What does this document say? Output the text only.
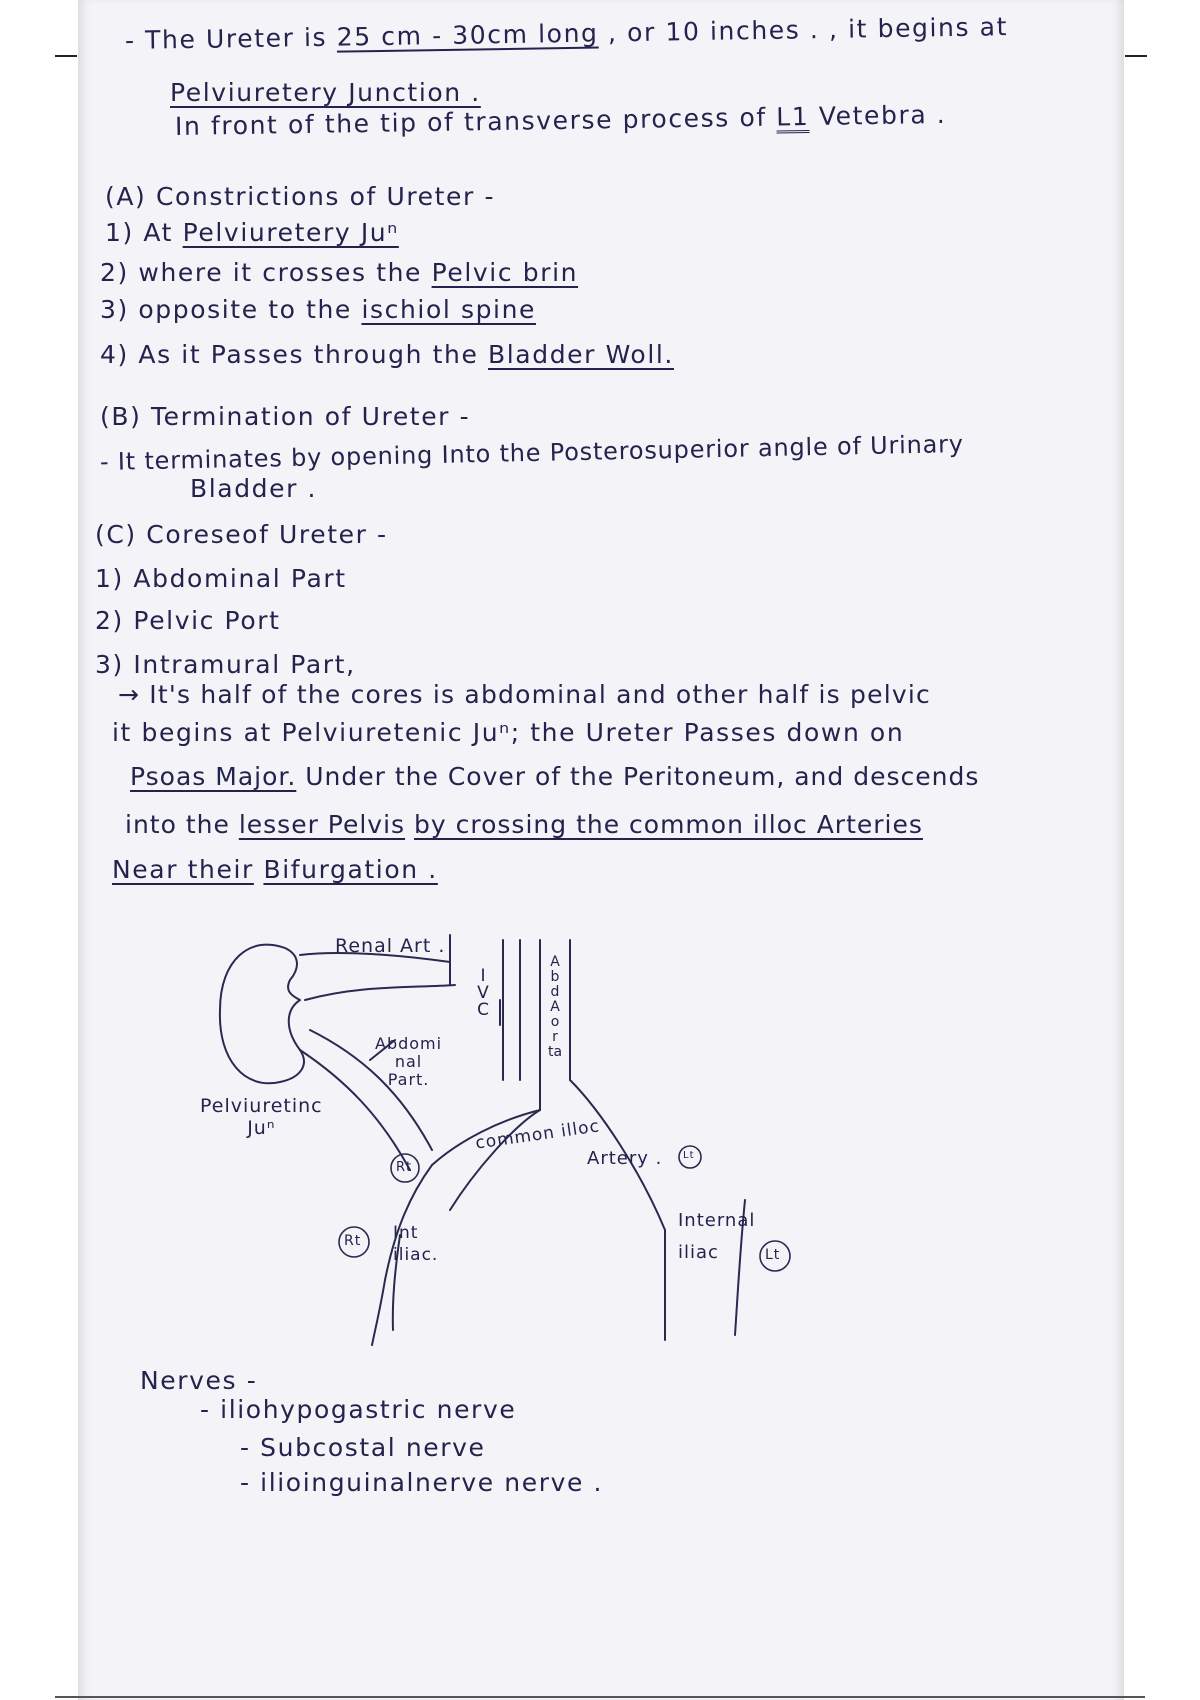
- The Ureter is 25 cm - 30cm long , or 10 inches . , it begins at
Pelviuretery Junction .
In front of the tip of transverse process of L1 Vetebra .
(A) Constrictions of Ureter -
1) At Pelviuretery Juⁿ
2) where it crosses the Pelvic brin
3) opposite to the ischiol spine
4) As it Passes through the Bladder Woll.
(B) Termination of Ureter -
- It terminates by opening Into the Posterosuperior angle of Urinary
Bladder .
(C) Coreseof Ureter -
1) Abdominal Part
2) Pelvic Port
3) Intramural Part,
→ It's half of the cores is abdominal and other half is pelvic
it begins at Pelviuretenic Juⁿ; the Ureter Passes down on
Psoas Major. Under the Cover of the Peritoneum, and descends
into the lesser Pelvis by crossing the common illoc Arteries
Near their Bifurgation .
Renal Art .
I
V
C
A
b
d
A
o
r
ta
Abdomi
nal
Part.
Pelviuretinc
Juⁿ	common illoc
Artery .
Rt
Rt
Lt
Lt
Int
iliac.
Internal
iliac
Nerves -
- iliohypogastric nerve
- Subcostal nerve
- ilioinguinalnerve nerve .
